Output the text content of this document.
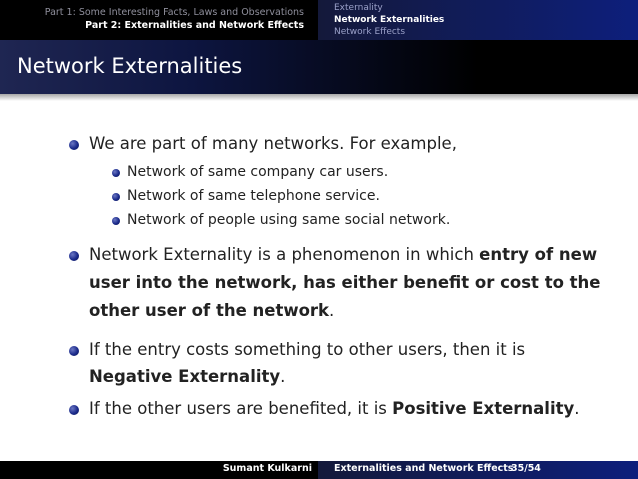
Part 1: Some Interesting Facts, Laws and Observations
Part 2: Externalities and Network Effects
Externality
Network Externalities
Network Effects
Network Externalities
We are part of many networks. For example,
Network of same company car users.
Network of same telephone service.
Network of people using same social network.
Network Externality is a phenomenon in which entry of new
user into the network, has either benefit or cost to the
other user of the network.
If the entry costs something to other users, then it is
Negative Externality.
If the other users are benefited, it is Positive Externality.
Sumant Kulkarni Externalities and Network Effects
35/54
